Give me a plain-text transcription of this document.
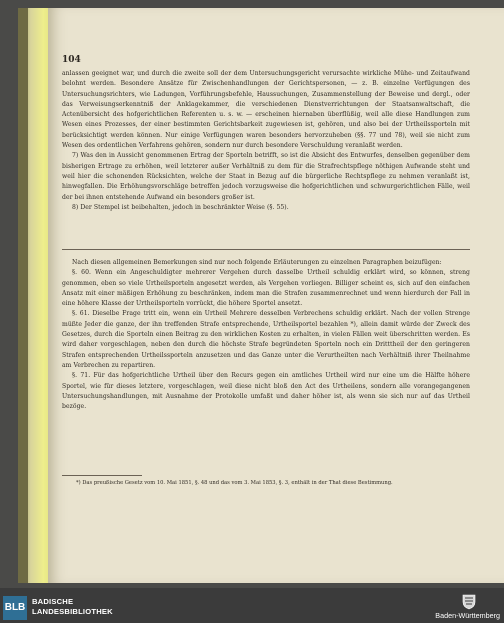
104

anlassen geeignet war, und durch die zweite soll der dem Untersuchungsgericht verursachte wirkliche Mühe- und Zeitaufwand belohnt werden. Besondere Ansätze für Zwischenhandlungen der Gerichtspersonen, — z. B. einzelne Verfügungen des Untersuchungsrichters, wie Ladungen, Vorführungsbefehle, Haussuchungen, Zusammenstellung der Beweise und dergl., oder das Verweisungserkenntniß der Anklagekammer, die verschiedenen Dienstverrichtungen der Staatsanwaltschaft, die Actenübersicht des hofgerichtlichen Referenten u. s. w. — erscheinen hiernaben überflüßig, weil alle diese Handlungen zum Wesen eines Prozesses, der einer bestimmten Gerichtsbarkeit zugewiesen ist, gehören, und also bei der Urtheilssporteln mit berücksichtigt werden können. Nur einige Verfügungen waren besonders hervorzuheben (§§. 77 und 78), weil sie nicht zum Wesen des ordentlichen Verfahrens gehören, sondern nur durch besondere Verschuldung veranlaßt werden.

7) Was den in Aussicht genommenen Ertrag der Sporteln betrifft, so ist die Absicht des Entwurfes, denselben gegenüber dem bisherigen Ertrage zu erhöhen, weil letzterer außer Verhältniß zu dem für die Strafrechtspflege nöthigen Aufwande steht und weil hier die schonenden Rücksichten, welche der Staat in Bezug auf die bürgerliche Rechtspflege zu nehmen veranlaßt ist, hinwegfallen. Die Erhöhungsvorschläge betreffen jedoch vorzugsweise die hofgerichtlichen und schwurgerichtlichen Fälle, weil der bei ihnen entstehende Aufwand ein besonders großer ist.

8) Der Stempel ist beibehalten, jedoch in beschränkter Weise (§. 55).

Nach diesen allgemeinen Bemerkungen sind nur noch folgende Erläuterungen zu einzelnen Paragraphen beizufügen:

§. 60. Wenn ein Angeschuldigter mehrerer Vergehen durch dasselbe Urtheil schuldig erklärt wird, so können, streng genommen, eben so viele Urtheilsporteln angesetzt werden, als Vergehen vorliegen. Billiger scheint es, sich auf den einfachen Ansatz mit einer mäßigen Erhöhung zu beschränken, indem man die Strafen zusammenrechnet und wenn hierdurch der Fall in eine höhere Klasse der Urtheilsporteln vorrückt, die höhere Sportel ansetzt.

§. 61. Dieselbe Frage tritt ein, wenn ein Urtheil Mehrere desselben Verbrechens schuldig erklärt. Nach der vollen Strenge müßte Jeder die ganze, der ihn treffenden Strafe entsprechende, Urtheilsportel bezahlen *), allein damit würde der Zweck des Gesetzes, durch die Sporteln einen Beitrag zu den wirklichen Kosten zu erhalten, in vielen Fällen weit überschritten werden. Es wird daher vorgeschlagen, neben den durch die höchste Strafe begründeten Sporteln noch ein Dritttheil der den geringeren Strafen entsprechenden Urtheilssporteln anzusetzen und das Ganze unter die Verurtheilten nach Verhältniß ihrer Theilnahme am Verbrechen zu repartiren.

§. 71. Für das hofgerichtliche Urtheil über den Recurs gegen ein amtliches Urtheil wird nur eine um die Hälfte höhere Sportel, wie für dieses letztere, vorgeschlagen, weil diese nicht bloß den Act des Urtheilens, sondern alle vorangegangenen Untersuchungshandlungen, mit Ausnahme der Protokolle umfaßt und daher höher ist, als wenn sie sich nur auf das Urtheil bezöge.

*) Das preußische Gesetz vom 10. Mai 1851, §. 48 und das vom 3. Mai 1853, §. 3, enthält in der That diese Bestimmung.
BLB
BADISCHE
LANDESBIBLIOTHEK	Baden-Württemberg
